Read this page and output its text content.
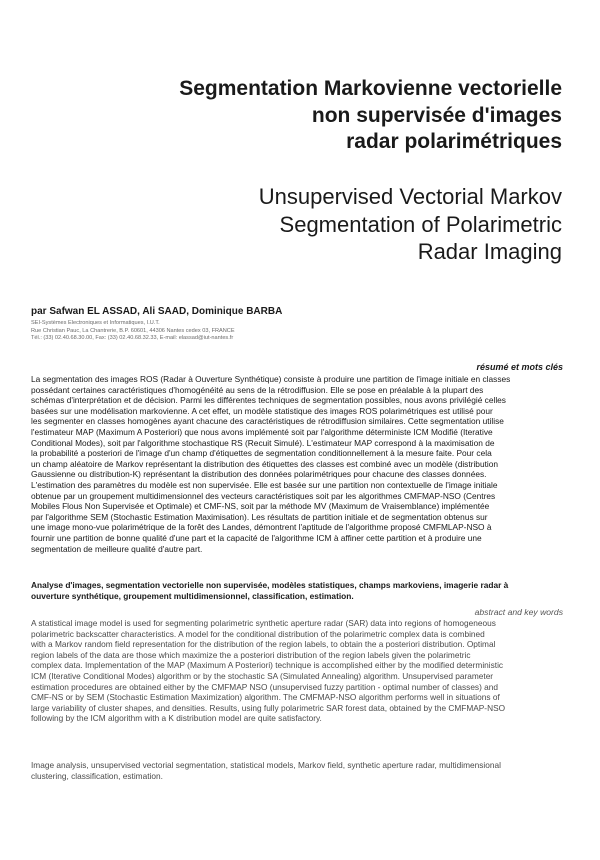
Segmentation Markovienne vectorielle
non supervisée d'images
radar polarimétriques
Unsupervised Vectorial Markov
Segmentation of Polarimetric
Radar Imaging
par Safwan EL ASSAD, Ali SAAD, Dominique BARBA
SEI-Systèmes Électroniques et Informatiques, I.U.T.
Rue Christian Pauc, La Chantrerie, B.P. 60601, 44306 Nantes cedex 03, FRANCE
Tél.: (33) 02.40.68.30.00, Fax: (33) 02.40.68.32.33, E-mail: elassad@iut-nantes.fr
résumé et mots clés
La segmentation des images ROS (Radar à Ouverture Synthétique) consiste à produire une partition de l'image initiale en classes
possédant certaines caractéristiques d'homogénéité au sens de la rétrodiffusion. Elle se pose en préalable à la plupart des
schémas d'interprétation et de décision. Parmi les différentes techniques de segmentation possibles, nous avons privilégié celles
basées sur une modélisation markovienne. A cet effet, un modèle statistique des images ROS polarimétriques est utilisé pour
les segmenter en classes homogènes ayant chacune des caractéristiques de rétrodiffusion similaires. Cette segmentation utilise
l'estimateur MAP (Maximum A Posteriori) que nous avons implémenté soit par l'algorithme déterministe ICM Modifié (Iterative
Conditional Modes), soit par l'algorithme stochastique RS (Recuit Simulé). L'estimateur MAP correspond à la maximisation de
la probabilité a posteriori de l'image d'un champ d'étiquettes de segmentation conditionnellement à la mesure faite. Pour cela
un champ aléatoire de Markov représentant la distribution des étiquettes des classes est combiné avec un modèle (distribution
Gaussienne ou distribution-K) représentant la distribution des données polarimétriques pour chacune des classes données.
L'estimation des paramètres du modèle est non supervisée. Elle est basée sur une partition non contextuelle de l'image initiale
obtenue par un groupement multidimensionnel des vecteurs caractéristiques soit par les algorithmes CMFMAP-NSO (Centres
Mobiles Flous Non Supervisée et Optimale) et CMF-NS, soit par la méthode MV (Maximum de Vraisemblance) implémentée
par l'algorithme SEM (Stochastic Estimation Maximisation). Les résultats de partition initiale et de segmentation obtenus sur
une image mono-vue polarimétrique de la forêt des Landes, démontrent l'aptitude de l'algorithme proposé CMFMLAP-NSO à
fournir une partition de bonne qualité d'une part et la capacité de l'algorithme ICM à affiner cette partition et à produire une
segmentation de meilleure qualité d'autre part.
Analyse d'images, segmentation vectorielle non supervisée, modèles statistiques, champs markoviens, imagerie radar à
ouverture synthétique, groupement multidimensionnel, classification, estimation.
abstract and key words
A statistical image model is used for segmenting polarimetric synthetic aperture radar (SAR) data into regions of homogeneous
polarimetric backscatter characteristics. A model for the conditional distribution of the polarimetric complex data is combined
with a Markov random field representation for the distribution of the region labels, to obtain the a posteriori distribution. Optimal
region labels of the data are those which maximize the a posteriori distribution of the region labels given the polarimetric
complex data. Implementation of the MAP (Maximum A Posteriori) technique is accomplished either by the modified deterministic
ICM (Iterative Conditional Modes) algorithm or by the stochastic SA (Simulated Annealing) algorithm. Unsupervised parameter
estimation procedures are obtained either by the CMFMAP NSO (unsupervised fuzzy partition - optimal number of classes) and
CMF-NS or by SEM (Stochastic Estimation Maximization) algorithm. The CMFMAP-NSO algorithm performs well in situations of
large variability of cluster shapes, and densities. Results, using fully polarimetric SAR forest data, obtained by the CMFMAP-NSO
following by the ICM algorithm with a K distribution model are quite satisfactory.
Image analysis, unsupervised vectorial segmentation, statistical models, Markov field, synthetic aperture radar, multidimensional
clustering, classification, estimation.
